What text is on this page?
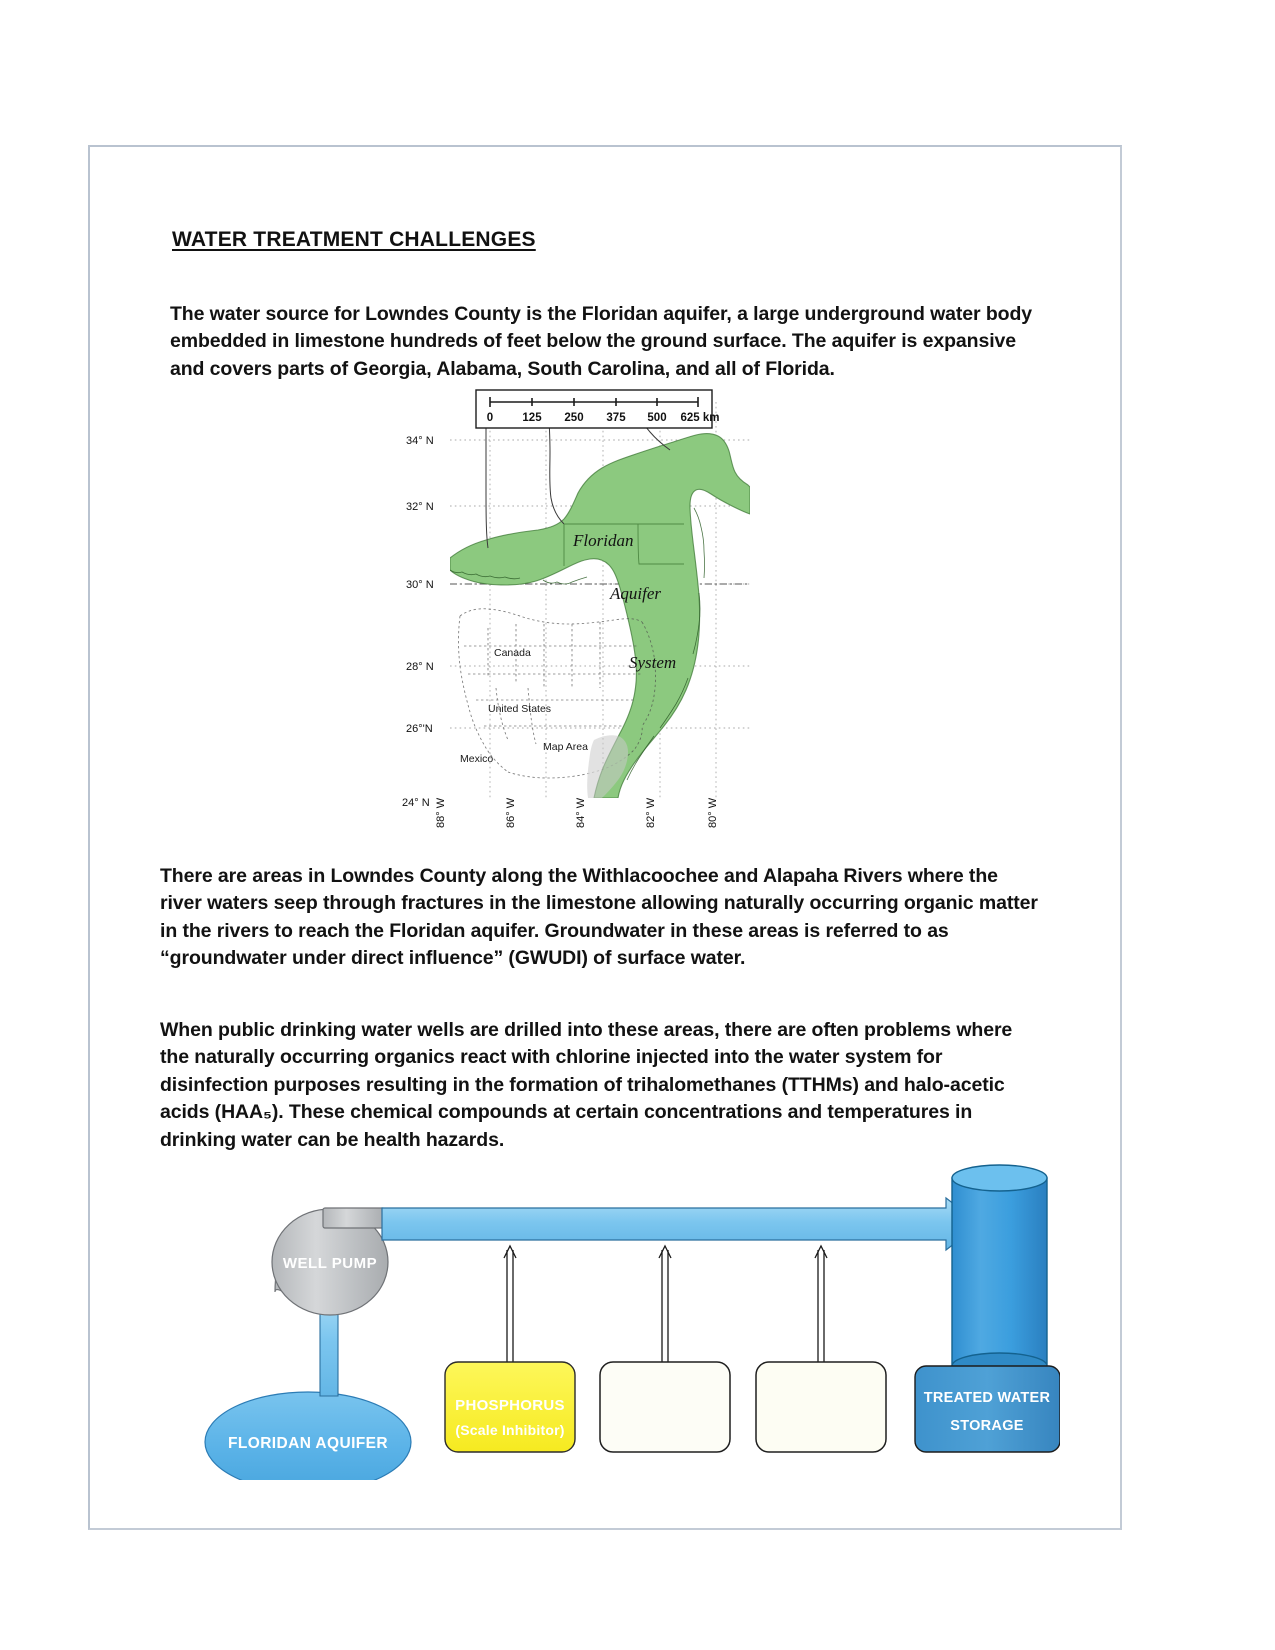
WATER TREATMENT CHALLENGES

The water source for Lowndes County is the Floridan aquifer, a large underground water body embedded in limestone hundreds of feet below the ground surface. The aquifer is expansive and covers parts of Georgia, Alabama, South Carolina, and all of Florida.

Canada
United States
Mexico
Map Area
Floridan
Aquifer
System
0	125 250 375 500 625 km
34° N
32° N
30° N
28° N
26°'N
24° N 88° W	86° W	84° W	82° W	80° W

There are areas in Lowndes County along the Withlacoochee and Alapaha Rivers where the river waters seep through fractures in the limestone allowing naturally occurring organic matter in the rivers to reach the Floridan aquifer. Groundwater in these areas is referred to as “groundwater under direct influence” (GWUDI) of surface water.

When public drinking water wells are drilled into these areas, there are often problems where the naturally occurring organics react with chlorine injected into the water system for disinfection purposes resulting in the formation of trihalomethanes (TTHMs) and halo-acetic acids (HAA₅). These chemical compounds at certain concentrations and temperatures in drinking water can be health hazards.

FLORIDAN AQUIFER
WELL PUMP
PHOSPHORUS
(Scale Inhibitor)
TREATED WATER
STORAGE
